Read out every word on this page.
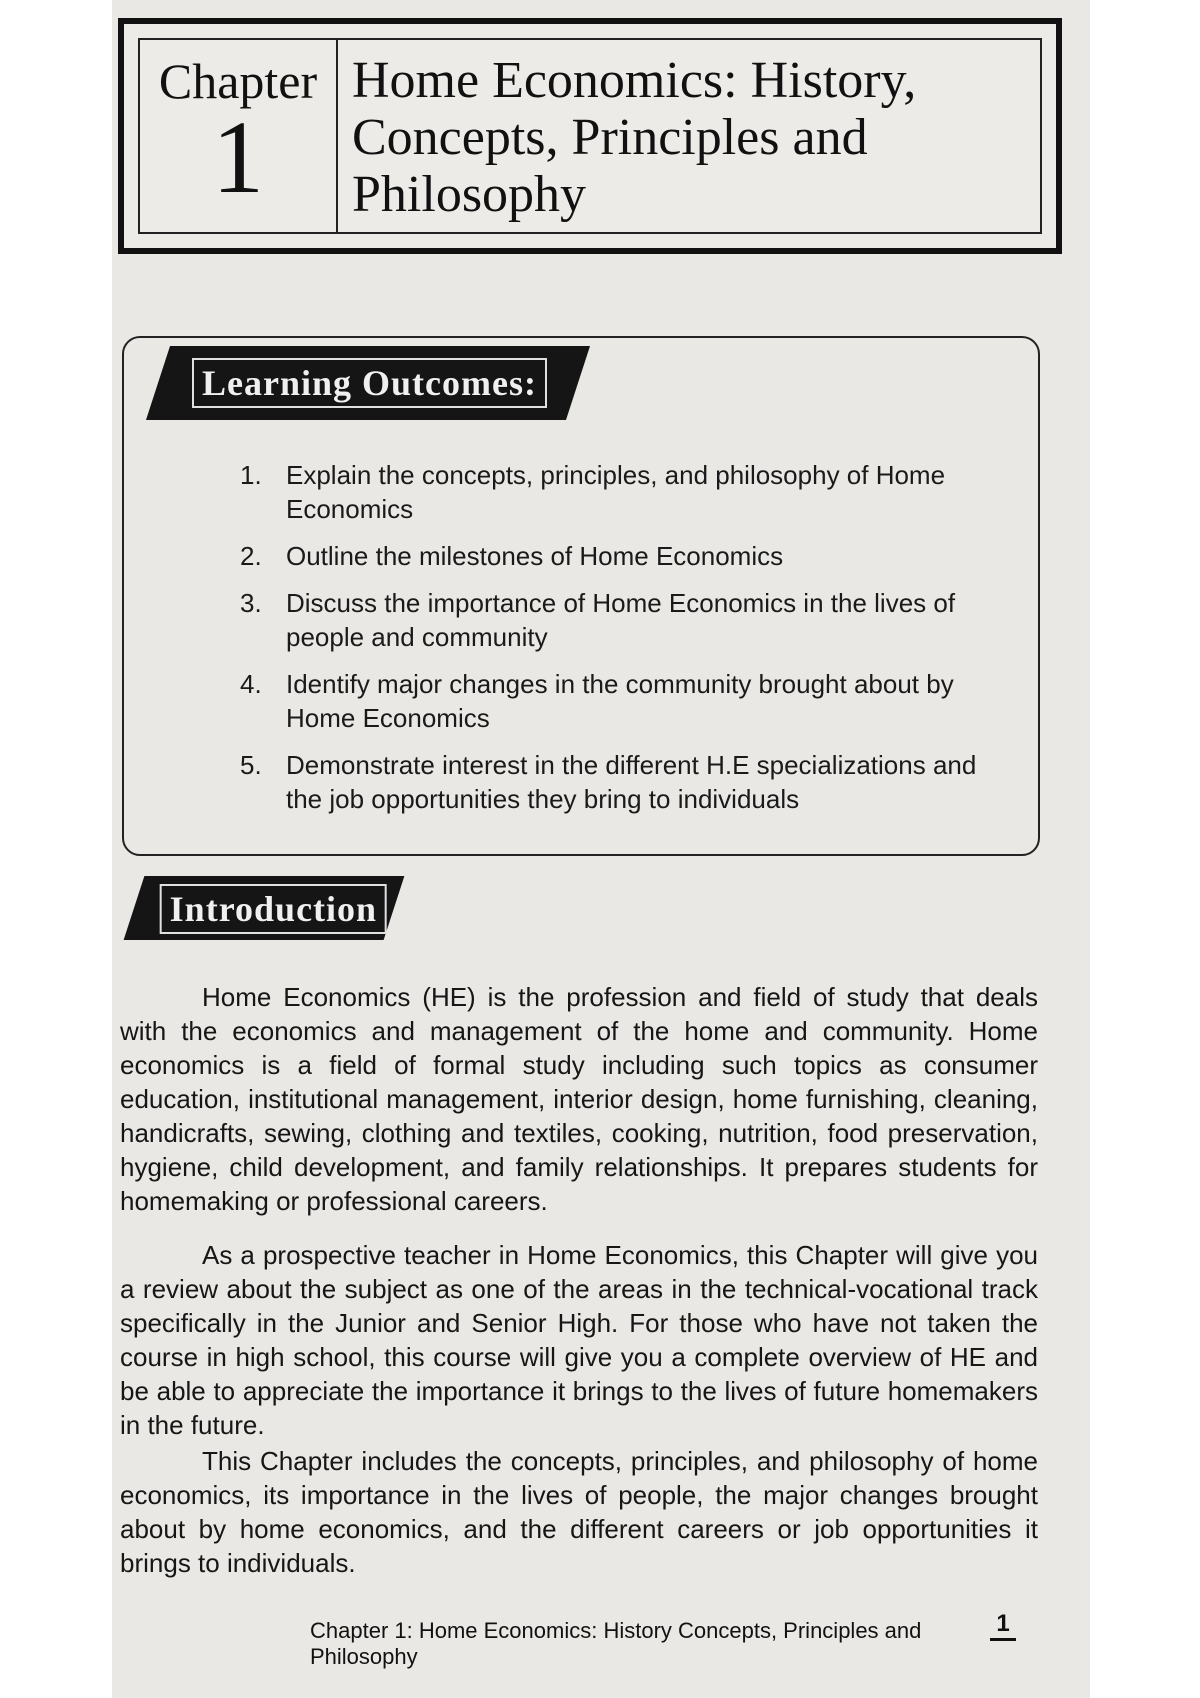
Chapter
1
Home Economics: History, Concepts, Principles and Philosophy
Learning Outcomes:
1. Explain the concepts, principles, and philosophy of Home Economics
2. Outline the milestones of Home Economics
3. Discuss the importance of Home Economics in the lives of people and community
4. Identify major changes in the community brought about by Home Economics
5. Demonstrate interest in the different H.E specializations and the job opportunities they bring to individuals
Introduction

Home Economics (HE) is the profession and field of study that deals with the economics and management of the home and community. Home economics is a field of formal study including such topics as consumer education, institutional management, interior design, home furnishing, cleaning, handicrafts, sewing, clothing and textiles, cooking, nutrition, food preservation, hygiene, child development, and family relationships. It prepares students for homemaking or professional careers.

As a prospective teacher in Home Economics, this Chapter will give you a review about the subject as one of the areas in the technical-vocational track specifically in the Junior and Senior High. For those who have not taken the course in high school, this course will give you a complete overview of HE and be able to appreciate the importance it brings to the lives of future homemakers in the future.

This Chapter includes the concepts, principles, and philosophy of home economics, its importance in the lives of people, the major changes brought about by home economics, and the different careers or job opportunities it brings to individuals.

Chapter 1: Home Economics: History Concepts, Principles and Philosophy
1
